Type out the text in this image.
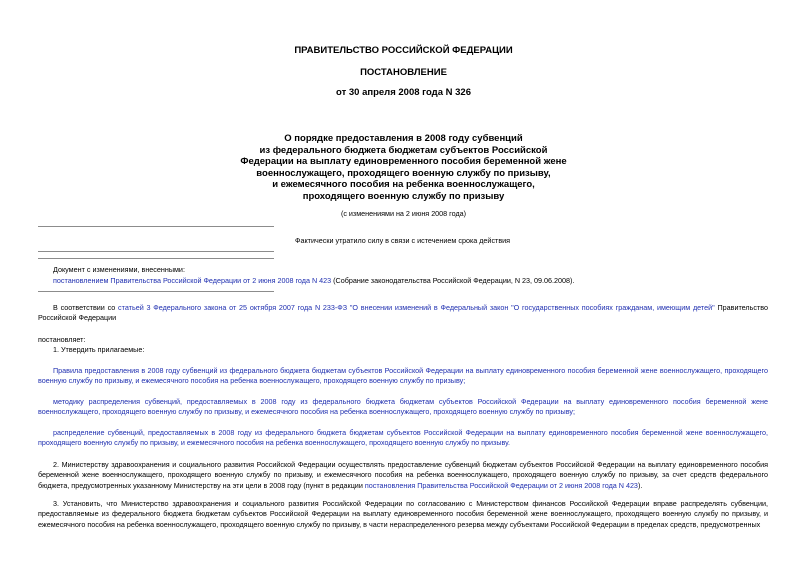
ПРАВИТЕЛЬСТВО РОССИЙСКОЙ ФЕДЕРАЦИИ
ПОСТАНОВЛЕНИЕ
от 30 апреля 2008 года N 326
О порядке предоставления в 2008 году субвенций
из федерального бюджета бюджетам субъектов Российской
Федерации на выплату единовременного пособия беременной жене
военнослужащего, проходящего военную службу по призыву,
и ежемесячного пособия на ребенка военнослужащего,
проходящего военную службу по призыву
(с изменениями на 2 июня 2008 года)
Фактически утратило силу в связи с истечением срока действия
Документ с изменениями, внесенными:
постановлением Правительства Российской Федерации от 2 июня 2008 года N 423 (Собрание законодательства Российской Федерации, N 23, 09.06.2008).
В соответствии со статьей 3 Федерального закона от 25 октября 2007 года N 233-ФЗ "О внесении изменений в Федеральный закон "О государственных пособиях гражданам, имеющим детей" Правительство Российской Федерации
постановляет:
1. Утвердить прилагаемые:
Правила предоставления в 2008 году субвенций из федерального бюджета бюджетам субъектов Российской Федерации на выплату единовременного пособия беременной жене военнослужащего, проходящего военную службу по призыву, и ежемесячного пособия на ребенка военнослужащего, проходящего военную службу по призыву;
методику распределения субвенций, предоставляемых в 2008 году из федерального бюджета бюджетам субъектов Российской Федерации на выплату единовременного пособия беременной жене военнослужащего, проходящего военную службу по призыву, и ежемесячного пособия на ребенка военнослужащего, проходящего военную службу по призыву;
распределение субвенций, предоставляемых в 2008 году из федерального бюджета бюджетам субъектов Российской Федерации на выплату единовременного пособия беременной жене военнослужащего, проходящего военную службу по призыву, и ежемесячного пособия на ребенка военнослужащего, проходящего военную службу по призыву.
2. Министерству здравоохранения и социального развития Российской Федерации осуществлять предоставление субвенций бюджетам субъектов Российской Федерации на выплату единовременного пособия беременной жене военнослужащего, проходящего военную службу по призыву, и ежемесячного пособия на ребенка военнослужащего, проходящего военную службу по призыву, за счет средств федерального бюджета, предусмотренных указанному Министерству на эти цели в 2008 году (пункт в редакции постановления Правительства Российской Федерации от 2 июня 2008 года N 423).
3. Установить, что Министерство здравоохранения и социального развития Российской Федерации по согласованию с Министерством финансов Российской Федерации вправе распределять субвенции, предоставляемые из федерального бюджета бюджетам субъектов Российской Федерации на выплату единовременного пособия беременной жене военнослужащего, проходящего военную службу по призыву, и ежемесячного пособия на ребенка военнослужащего, проходящего военную службу по призыву, в части нераспределенного резерва между субъектами Российской Федерации в пределах средств, предусмотренных
